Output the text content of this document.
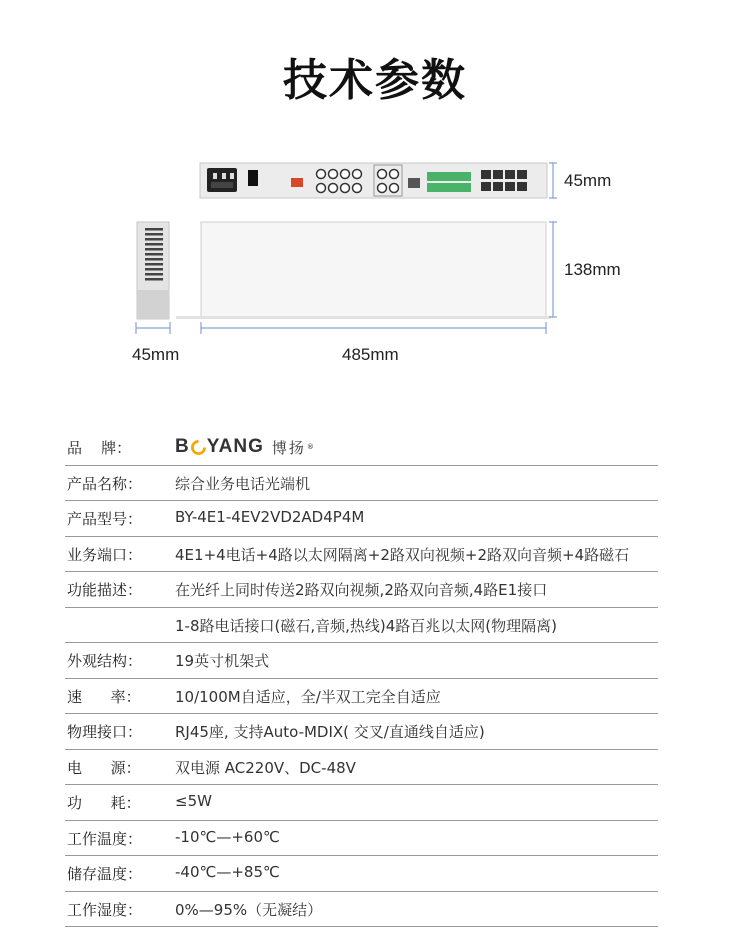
技术参数
45mm
138mm
45mm	485mm
品    牌： B YANG 博扬 ®
产品名称： 综合业务电话光端机
产品型号： BY-4E1-4EV2VD2AD4P4M
业务端口： 4E1+4电话+4路以太网隔离+2路双向视频+2路双向音频+4路磁石
功能描述： 在光纤上同时传送2路双向视频,2路双向音频,4路E1接口
1-8路电话接口(磁石,音频,热线)4路百兆以太网(物理隔离)
外观结构： 19英寸机架式
速      率： 10/100M自适应，全/半双工完全自适应
物理接口： RJ45座, 支持Auto-MDIX( 交叉/直通线自适应)
电      源： 双电源 AC220V、DC-48V
功      耗： ≤5W
工作温度： -10℃—+60℃
储存温度： -40℃—+85℃
工作湿度： 0%—95%（无凝结）
